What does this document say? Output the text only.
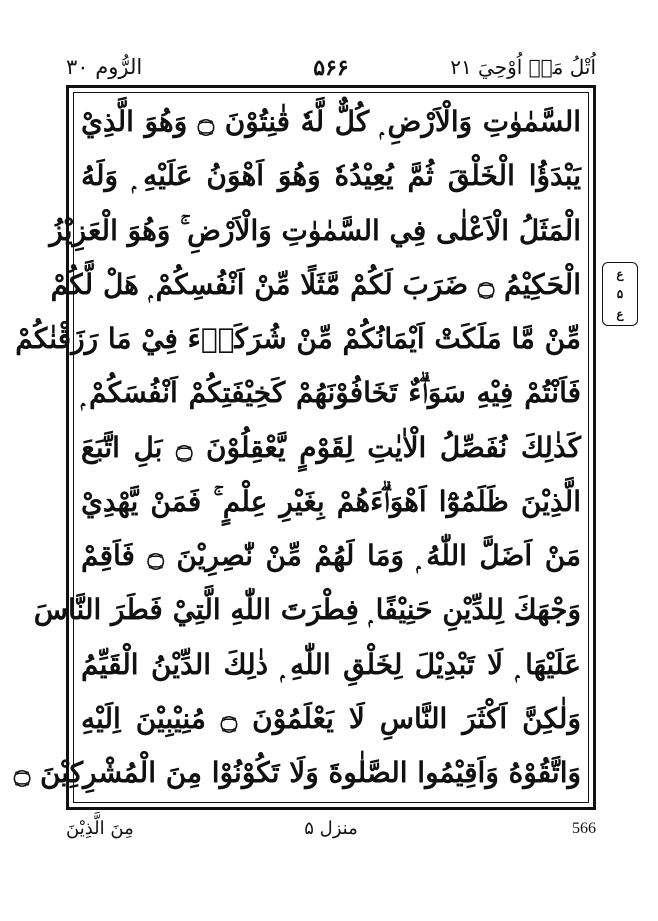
الرُّوم ۳۰	۵۶۶	اُتْلُ مَاۤ اُوْحِيَ ۲۱
ع
۵
ع
السَّمٰوٰتِ وَالْاَرْضِ ۭ كُلٌّ لَّهٗ قٰنِتُوْنَ ۝ وَهُوَ الَّذِيْ
يَبْدَؤُا الْخَلْقَ ثُمَّ يُعِيْدُهٗ وَهُوَ اَهْوَنُ عَلَيْهِ ۭ وَلَهُ
الْمَثَلُ الْاَعْلٰى فِي السَّمٰوٰتِ وَالْاَرْضِ ۚ وَهُوَ الْعَزِيْزُ
الْحَكِيْمُ ۝ ضَرَبَ لَكُمْ مَّثَلًا مِّنْ اَنْفُسِكُمْ ۭ هَلْ لَّكُمْ
مِّنْ مَّا مَلَكَتْ اَيْمَانُكُمْ مِّنْ شُرَكَاۗءَ فِيْ مَا رَزَقْنٰكُمْ
فَاَنْتُمْ فِيْهِ سَوَاۗءٌ تَخَافُوْنَهُمْ كَخِيْفَتِكُمْ اَنْفُسَكُمْ ۭ
كَذٰلِكَ نُفَصِّلُ الْاٰيٰتِ لِقَوْمٍ يَّعْقِلُوْنَ ۝ بَلِ اتَّبَعَ
الَّذِيْنَ ظَلَمُوْٓا اَهْوَاۗءَهُمْ بِغَيْرِ عِلْمٍ ۚ فَمَنْ يَّهْدِيْ
مَنْ اَضَلَّ اللّٰهُ ۭ وَمَا لَهُمْ مِّنْ نّٰصِرِيْنَ ۝ فَاَقِمْ
وَجْهَكَ لِلدِّيْنِ حَنِيْفًا ۭ فِطْرَتَ اللّٰهِ الَّتِيْ فَطَرَ النَّاسَ
عَلَيْهَا ۭ لَا تَبْدِيْلَ لِخَلْقِ اللّٰهِ ۭ ذٰلِكَ الدِّيْنُ الْقَيِّمُ
وَلٰكِنَّ اَكْثَرَ النَّاسِ لَا يَعْلَمُوْنَ ۝ مُنِيْبِيْنَ اِلَيْهِ
وَاتَّقُوْهُ وَاَقِيْمُوا الصَّلٰوةَ وَلَا تَكُوْنُوْا مِنَ الْمُشْرِكِيْنَ ۝
مِنَ الَّذِيْنَ	منزل ۵	566
